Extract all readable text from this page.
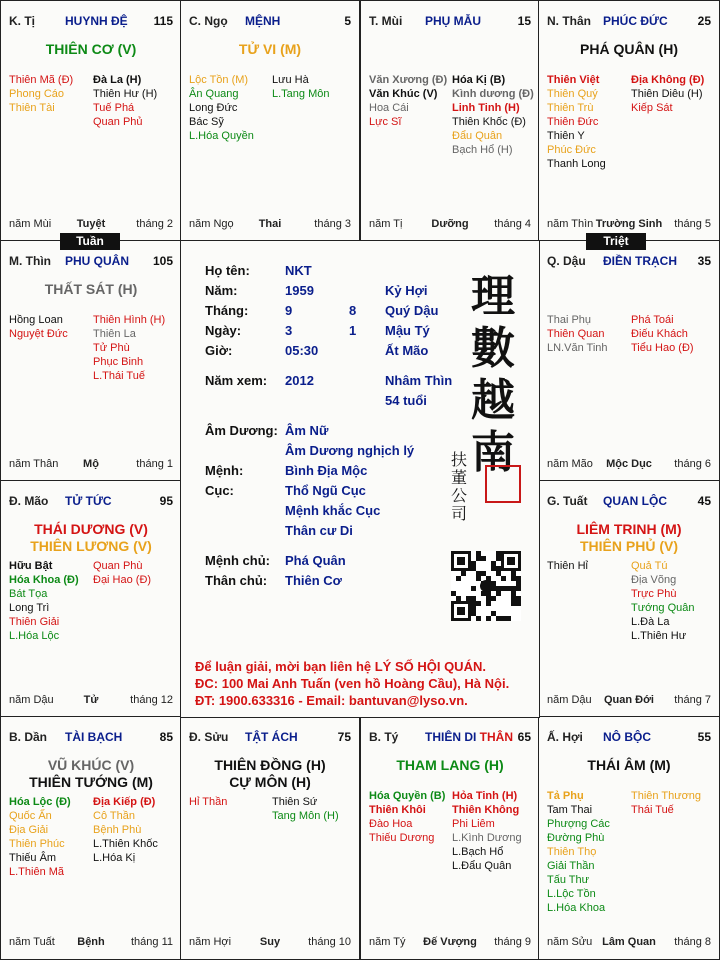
K. Tị	HUYNH ĐỆ 115
THIÊN CƠ (V)
Thiên Mã (Đ)
Phong Cáo
Thiên Tài
Đà La (H)
Thiên Hư (H)
Tuế Phá
Quan Phủ
năm Mùi	Tuyệt	tháng 2
C. Ngọ MỆNH	5
TỬ VI (M)
Lộc Tồn (M)
Ân Quang
Long Đức
Bác Sỹ
L.Hóa Quyền
Lưu Hà
L.Tang Môn
năm Ngọ	Thai	tháng 3
T. Mùi PHỤ MẪU	15
Văn Xương (Đ)
Văn Khúc (V)
Hoa Cái
Lực Sĩ
Hóa Kị (B)
Kình dương (Đ)
Linh Tinh (H)
Thiên Khốc (Đ)
Đẩu Quân
Bạch Hổ (H)
năm Tị	Dưỡng	tháng 4
N. Thân PHÚC ĐỨC	25
PHÁ QUÂN (H)
Thiên Việt
Thiên Quý
Thiên Trù
Thiên Đức
Thiên Y
Phúc Đức
Thanh Long
Địa Không (Đ)
Thiên Diêu (H)
Kiếp Sát
năm Thìn Trường Sinh	tháng 5
M. Thìn PHU QUÂN 105
THẤT SÁT (H)
Hồng Loan
Nguyệt Đức
Thiên Hình (H)
Thiên La
Tử Phù
Phục Binh
L.Thái Tuế
năm Thân	Mộ	tháng 1
Q. Dậu ĐIỀN TRẠCH 35
Thai Phụ
Thiên Quan
LN.Văn Tinh
Phá Toái
Điếu Khách
Tiểu Hao (Đ)
năm Mão	Mộc Dục	tháng 6
Đ. Mão TỬ TỨC	95
THÁI DƯƠNG (V)
THIÊN LƯƠNG (V)
Hữu Bật
Hóa Khoa (Đ)
Bát Tọa
Long Trì
Thiên Giải
L.Hóa Lộc
Quan Phù
Đại Hao (Đ)
năm Dậu	Tử	tháng 12
G. Tuất QUAN LỘC	45
LIÊM TRINH (M)
THIÊN PHỦ (V)
Thiên Hỉ	Quả Tú
Địa Võng
Trực Phù
Tướng Quân
L.Đà La
L.Thiên Hư
năm Dậu	Quan Đới	tháng 7
B. Dần TÀI BẠCH	85
VŨ KHÚC (V)
THIÊN TƯỚNG (M)
Hóa Lộc (Đ)
Quốc Ấn
Địa Giải
Thiên Phúc
Thiếu Âm
L.Thiên Mã
Địa Kiếp (Đ)
Cô Thần
Bệnh Phù
L.Thiên Khốc
L.Hóa Kị
năm Tuất	Bệnh	tháng 11
Đ. Sửu TẬT ÁCH	75
THIÊN ĐỒNG (H)
CỰ MÔN (H)
Hỉ Thần	Thiên Sứ
Tang Môn (H)
năm Hợi	Suy	tháng 10
B. Tý THIÊN DI THÂN 65
THAM LANG (H)
Hóa Quyền (B)
Thiên Khôi
Đào Hoa
Thiếu Dương
Hỏa Tinh (H)
Thiên Không
Phi Liêm
L.Kình Dương
L.Bạch Hổ
L.Đẩu Quân
năm Tý	Đế Vượng	tháng 9
Ấ. Hợi NÔ BỘC	55
THÁI ÂM (M)
Tả Phụ
Tam Thai
Phượng Các
Đường Phù
Thiên Thọ
Giải Thần
Tấu Thư
L.Lộc Tồn
L.Hóa Khoa
Thiên Thương
Thái Tuế
năm Sửu Lâm Quan	tháng 8
Họ tên:	NKT
Năm:	1959	Kỷ Hợi
Tháng:	9	8 Quý Dậu
Ngày:	3	1 Mậu Tý
Giờ:	05:30	Ất Mão
Năm xem: 2012	Nhâm Thìn
54 tuổi
Âm Dương: Âm Nữ
Âm Dương nghịch lý
Mệnh:	Bình Địa Mộc
Cục:	Thổ Ngũ Cục
Mệnh khắc Cục
Thân cư Di
Mệnh chủ: Phá Quân
Thân chủ: Thiên Cơ
理
數
越
南
扶
董
公
司
Để luận giải, mời bạn liên hệ LÝ SỐ HỘI QUÁN.
ĐC: 100 Mai Anh Tuấn (ven hồ Hoàng Cầu), Hà Nội.
ĐT: 1900.633316 - Email: bantuvan@lyso.vn.
Tuần	Triệt
